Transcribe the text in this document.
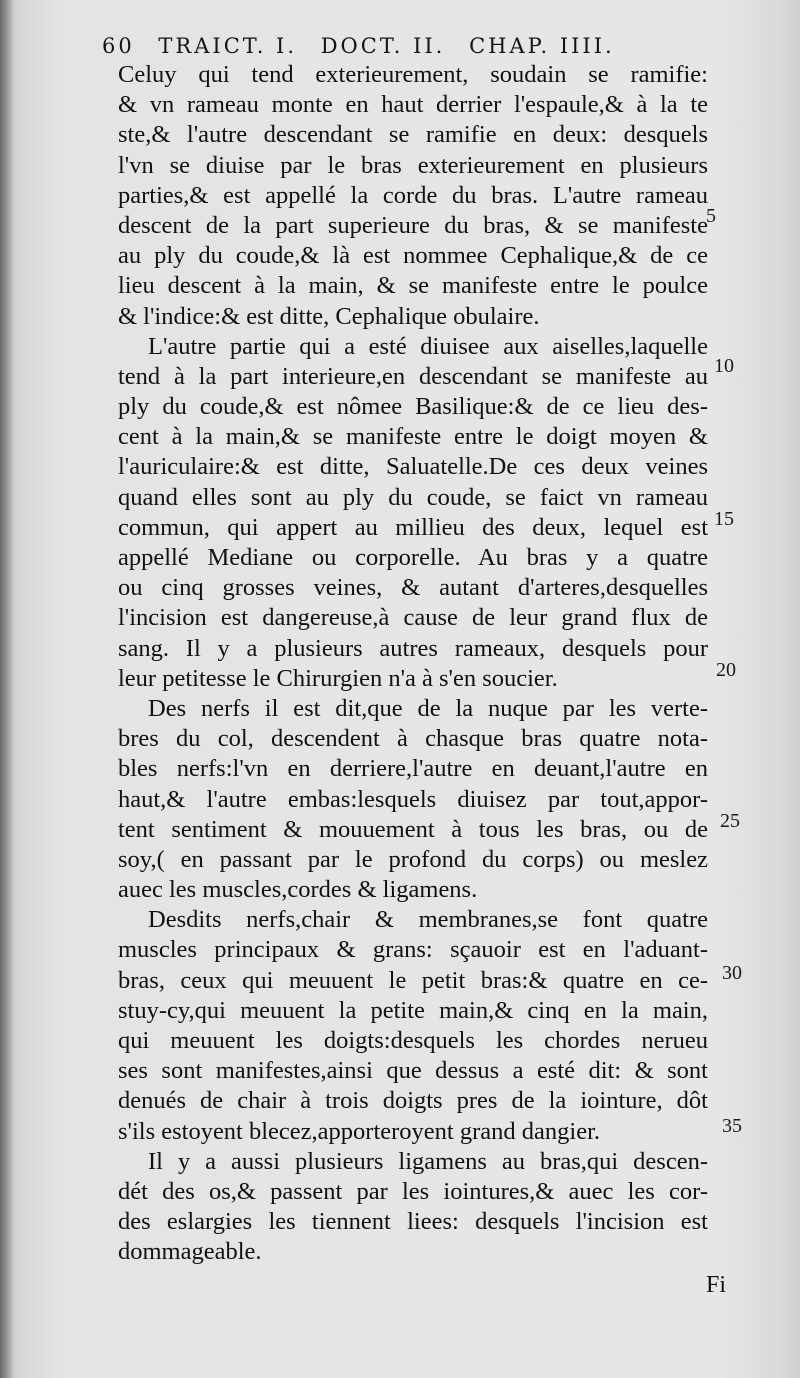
60 TRAICT. I. DOCT. II. CHAP. IIII.
Celuy qui tend exterieurement, soudain se ramifie:
& vn rameau monte en haut derrier l'espaule,& à la te
ste,& l'autre descendant se ramifie en deux: desquels
l'vn se diuise par le bras exterieurement en plusieurs
parties,& est appellé la corde du bras. L'autre rameau
descent de la part superieure du bras, & se manifeste
au ply du coude,& là est nommee Cephalique,& de ce
lieu descent à la main, & se manifeste entre le poulce
& l'indice:& est ditte, Cephalique obulaire.
L'autre partie qui a esté diuisee aux aiselles,laquelle
tend à la part interieure,en descendant se manifeste au
ply du coude,& est nômee Basilique:& de ce lieu des-
cent à la main,& se manifeste entre le doigt moyen &
l'auriculaire:& est ditte, Saluatelle.De ces deux veines
quand elles sont au ply du coude, se faict vn rameau
commun, qui appert au millieu des deux, lequel est
appellé Mediane ou corporelle. Au bras y a quatre
ou cinq grosses veines, & autant d'arteres,desquelles
l'incision est dangereuse,à cause de leur grand flux de
sang. Il y a plusieurs autres rameaux, desquels pour
leur petitesse le Chirurgien n'a à s'en soucier.
Des nerfs il est dit,que de la nuque par les verte-
bres du col, descendent à chasque bras quatre nota-
bles nerfs:l'vn en derriere,l'autre en deuant,l'autre en
haut,& l'autre embas:lesquels diuisez par tout,appor-
tent sentiment & mouuement à tous les bras, ou de
soy,( en passant par le profond du corps) ou meslez
auec les muscles,cordes & ligamens.
Desdits nerfs,chair & membranes,se font quatre
muscles principaux & grans: sçauoir est en l'aduant-
bras, ceux qui meuuent le petit bras:& quatre en ce-
stuy-cy,qui meuuent la petite main,& cinq en la main,
qui meuuent les doigts:desquels les chordes nerueu
ses sont manifestes,ainsi que dessus a esté dit: & sont
denués de chair à trois doigts pres de la iointure, dôt
s'ils estoyent blecez,apporteroyent grand dangier.
Il y a aussi plusieurs ligamens au bras,qui descen-
dét des os,& passent par les iointures,& auec les cor-
des eslargies les tiennent liees: desquels l'incision est
dommageable.
5
10
15
20
25
30
35
Fi
